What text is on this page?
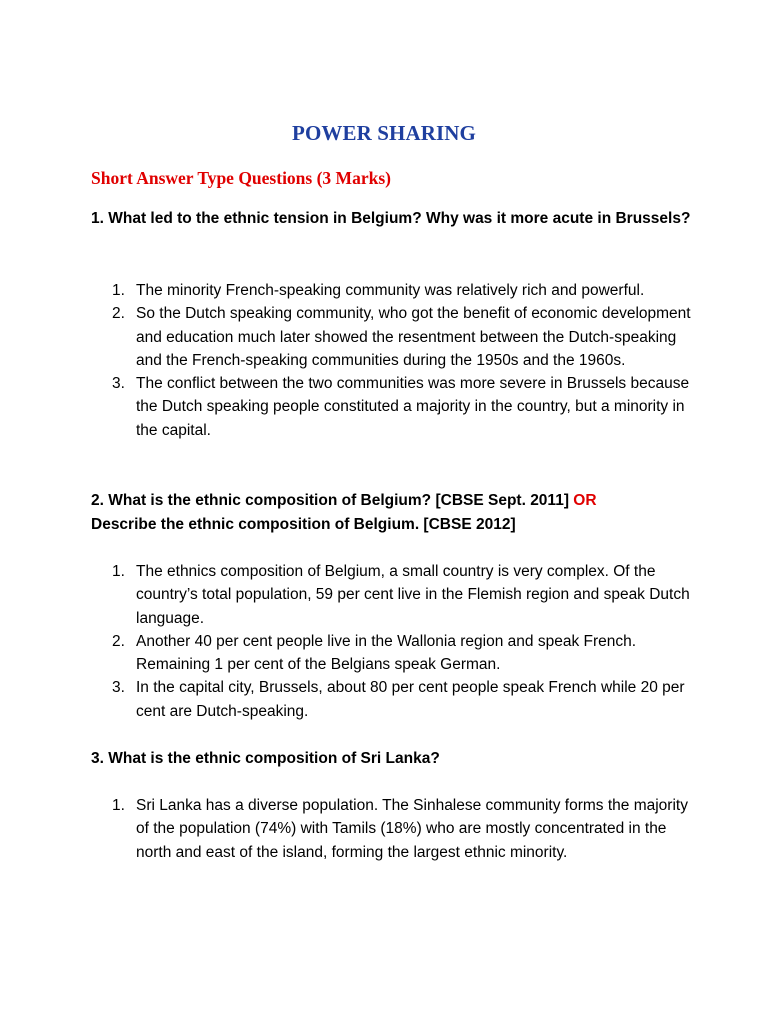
POWER SHARING
Short Answer Type Questions (3 Marks)
1. What led to the ethnic tension in Belgium? Why was it more acute in Brussels?
1. The minority French-speaking community was relatively rich and powerful.
2. So the Dutch speaking community, who got the benefit of economic development and education much later showed the resentment between the Dutch-speaking and the French-speaking communities during the 1950s and the 1960s.
3. The conflict between the two communities was more severe in Brussels because the Dutch speaking people constituted a majority in the country, but a minority in the capital.
2. What is the ethnic composition of Belgium? [CBSE Sept. 2011] OR
Describe the ethnic composition of Belgium. [CBSE 2012]
1. The ethnics composition of Belgium, a small country is very complex. Of the country’s total population, 59 per cent live in the Flemish region and speak Dutch language.
2. Another 40 per cent people live in the Wallonia region and speak French. Remaining 1 per cent of the Belgians speak German.
3. In the capital city, Brussels, about 80 per cent people speak French while 20 per cent are Dutch-speaking.
3. What is the ethnic composition of Sri Lanka?
1. Sri Lanka has a diverse population. The Sinhalese community forms the majority of the population (74%) with Tamils (18%) who are mostly concentrated in the north and east of the island, forming the largest ethnic minority.
